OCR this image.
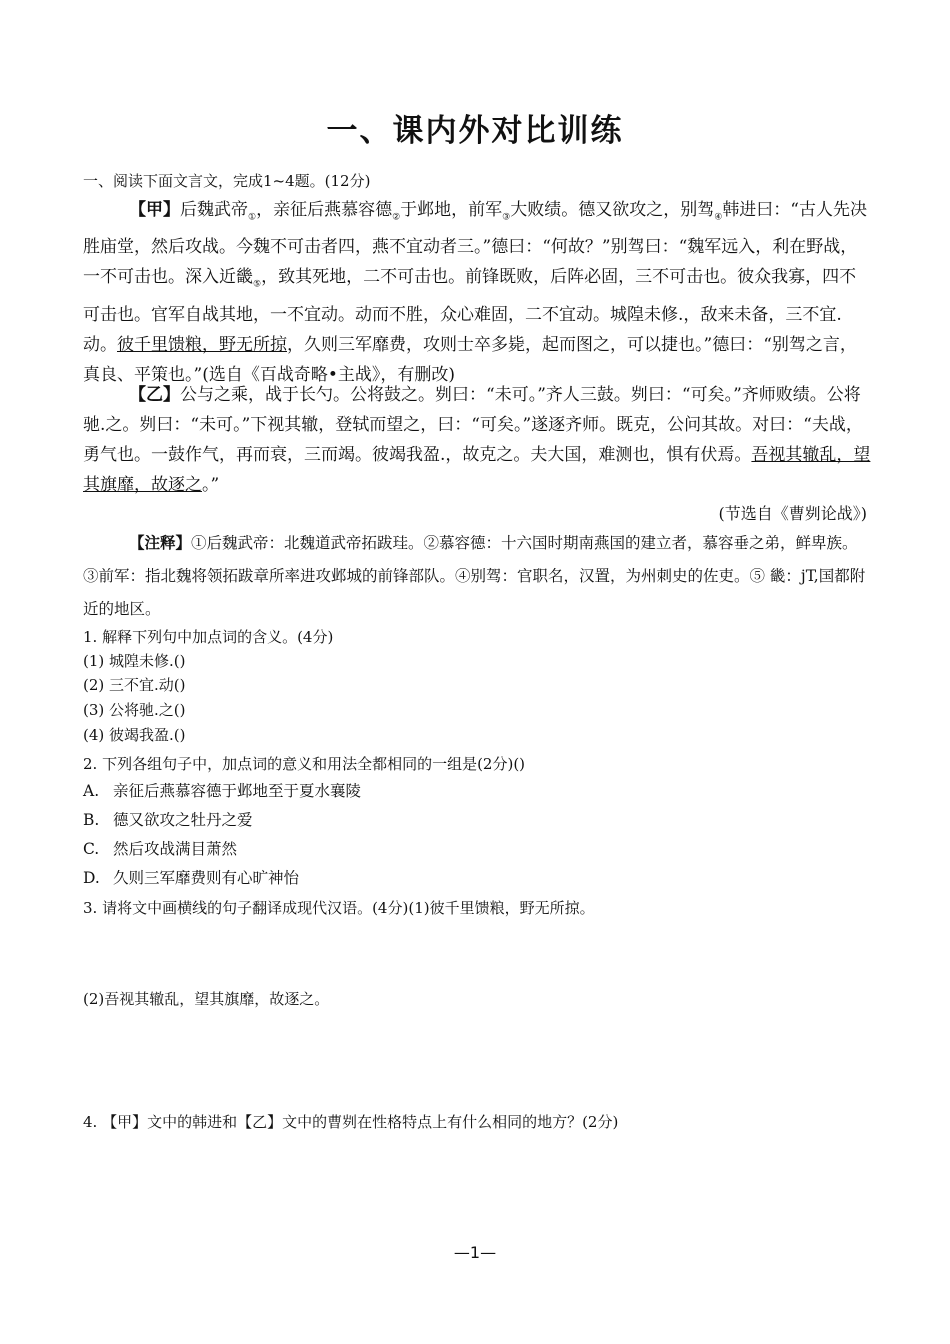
一、课内外对比训练
一、阅读下面文言文，完成1~4题。(12分)
【甲】后魏武帝$_①$，亲征后燕慕容德$_②$于邺地，前军$_③$大败绩。德又欲攻之，别驾$_④$韩进曰：“古人先决胜庙堂，然后攻战。今魏不可击者四，燕不宜动者三。”德曰：“何故？”别驾曰：“魏军远入，利在野战，一不可击也。深入近畿$_⑤$，致其死地，二不可击也。前锋既败，后阵必固，三不可击也。彼众我寡，四不可击也。官军自战其地，一不宜动。动而不胜，众心难固，二不宜动。城隍未修.，敌来未备，三不宜.动。彼千里馈粮，野无所掠，久则三军靡费，攻则士卒多毙，起而图之，可以捷也。”德曰：“别驾之言，真良、平策也。”(选自《百战奇略•主战》，有删改)
【乙】公与之乘，战于长勺。公将鼓之。刿曰：“未可。”齐人三鼓。刿曰：“可矣。”齐师败绩。公将驰.之。刿曰：“未可。”下视其辙，登轼而望之，曰：“可矣。”遂逐齐师。既克，公问其故。对曰：“夫战，勇气也。一鼓作气，再而衰，三而竭。彼竭我盈.，故克之。夫大国，难测也，惧有伏焉。吾视其辙乱，望其旗靡，故逐之。”
(节选自《曹刿论战》)
【注释】①后魏武帝：北魏道武帝拓跋珪。②慕容德：十六国时期南燕国的建立者，慕容垂之弟，鲜卑族。③前军：指北魏将领拓跋章所率进攻邺城的前锋部队。④别驾：官职名，汉置，为州刺史的佐吏。⑤ 畿：jT,国都附近的地区。
1. 解释下列句中加点词的含义。(4分)
(1) 城隍未修.()
(2) 三不宜.动()
(3) 公将驰.之()
(4) 彼竭我盈.()
2. 下列各组句子中，加点词的意义和用法全都相同的一组是(2分)()
A. 亲征后燕慕容德于邺地至于夏水襄陵
B. 德又欲攻之牡丹之爱
C. 然后攻战满目萧然
D. 久则三军靡费则有心旷神怡
3. 请将文中画横线的句子翻译成现代汉语。(4分)(1)彼千里馈粮，野无所掠。
(2)吾视其辙乱，望其旗靡，故逐之。
4. 【甲】文中的韩进和【乙】文中的曹刿在性格特点上有什么相同的地方？(2分)
—1—
